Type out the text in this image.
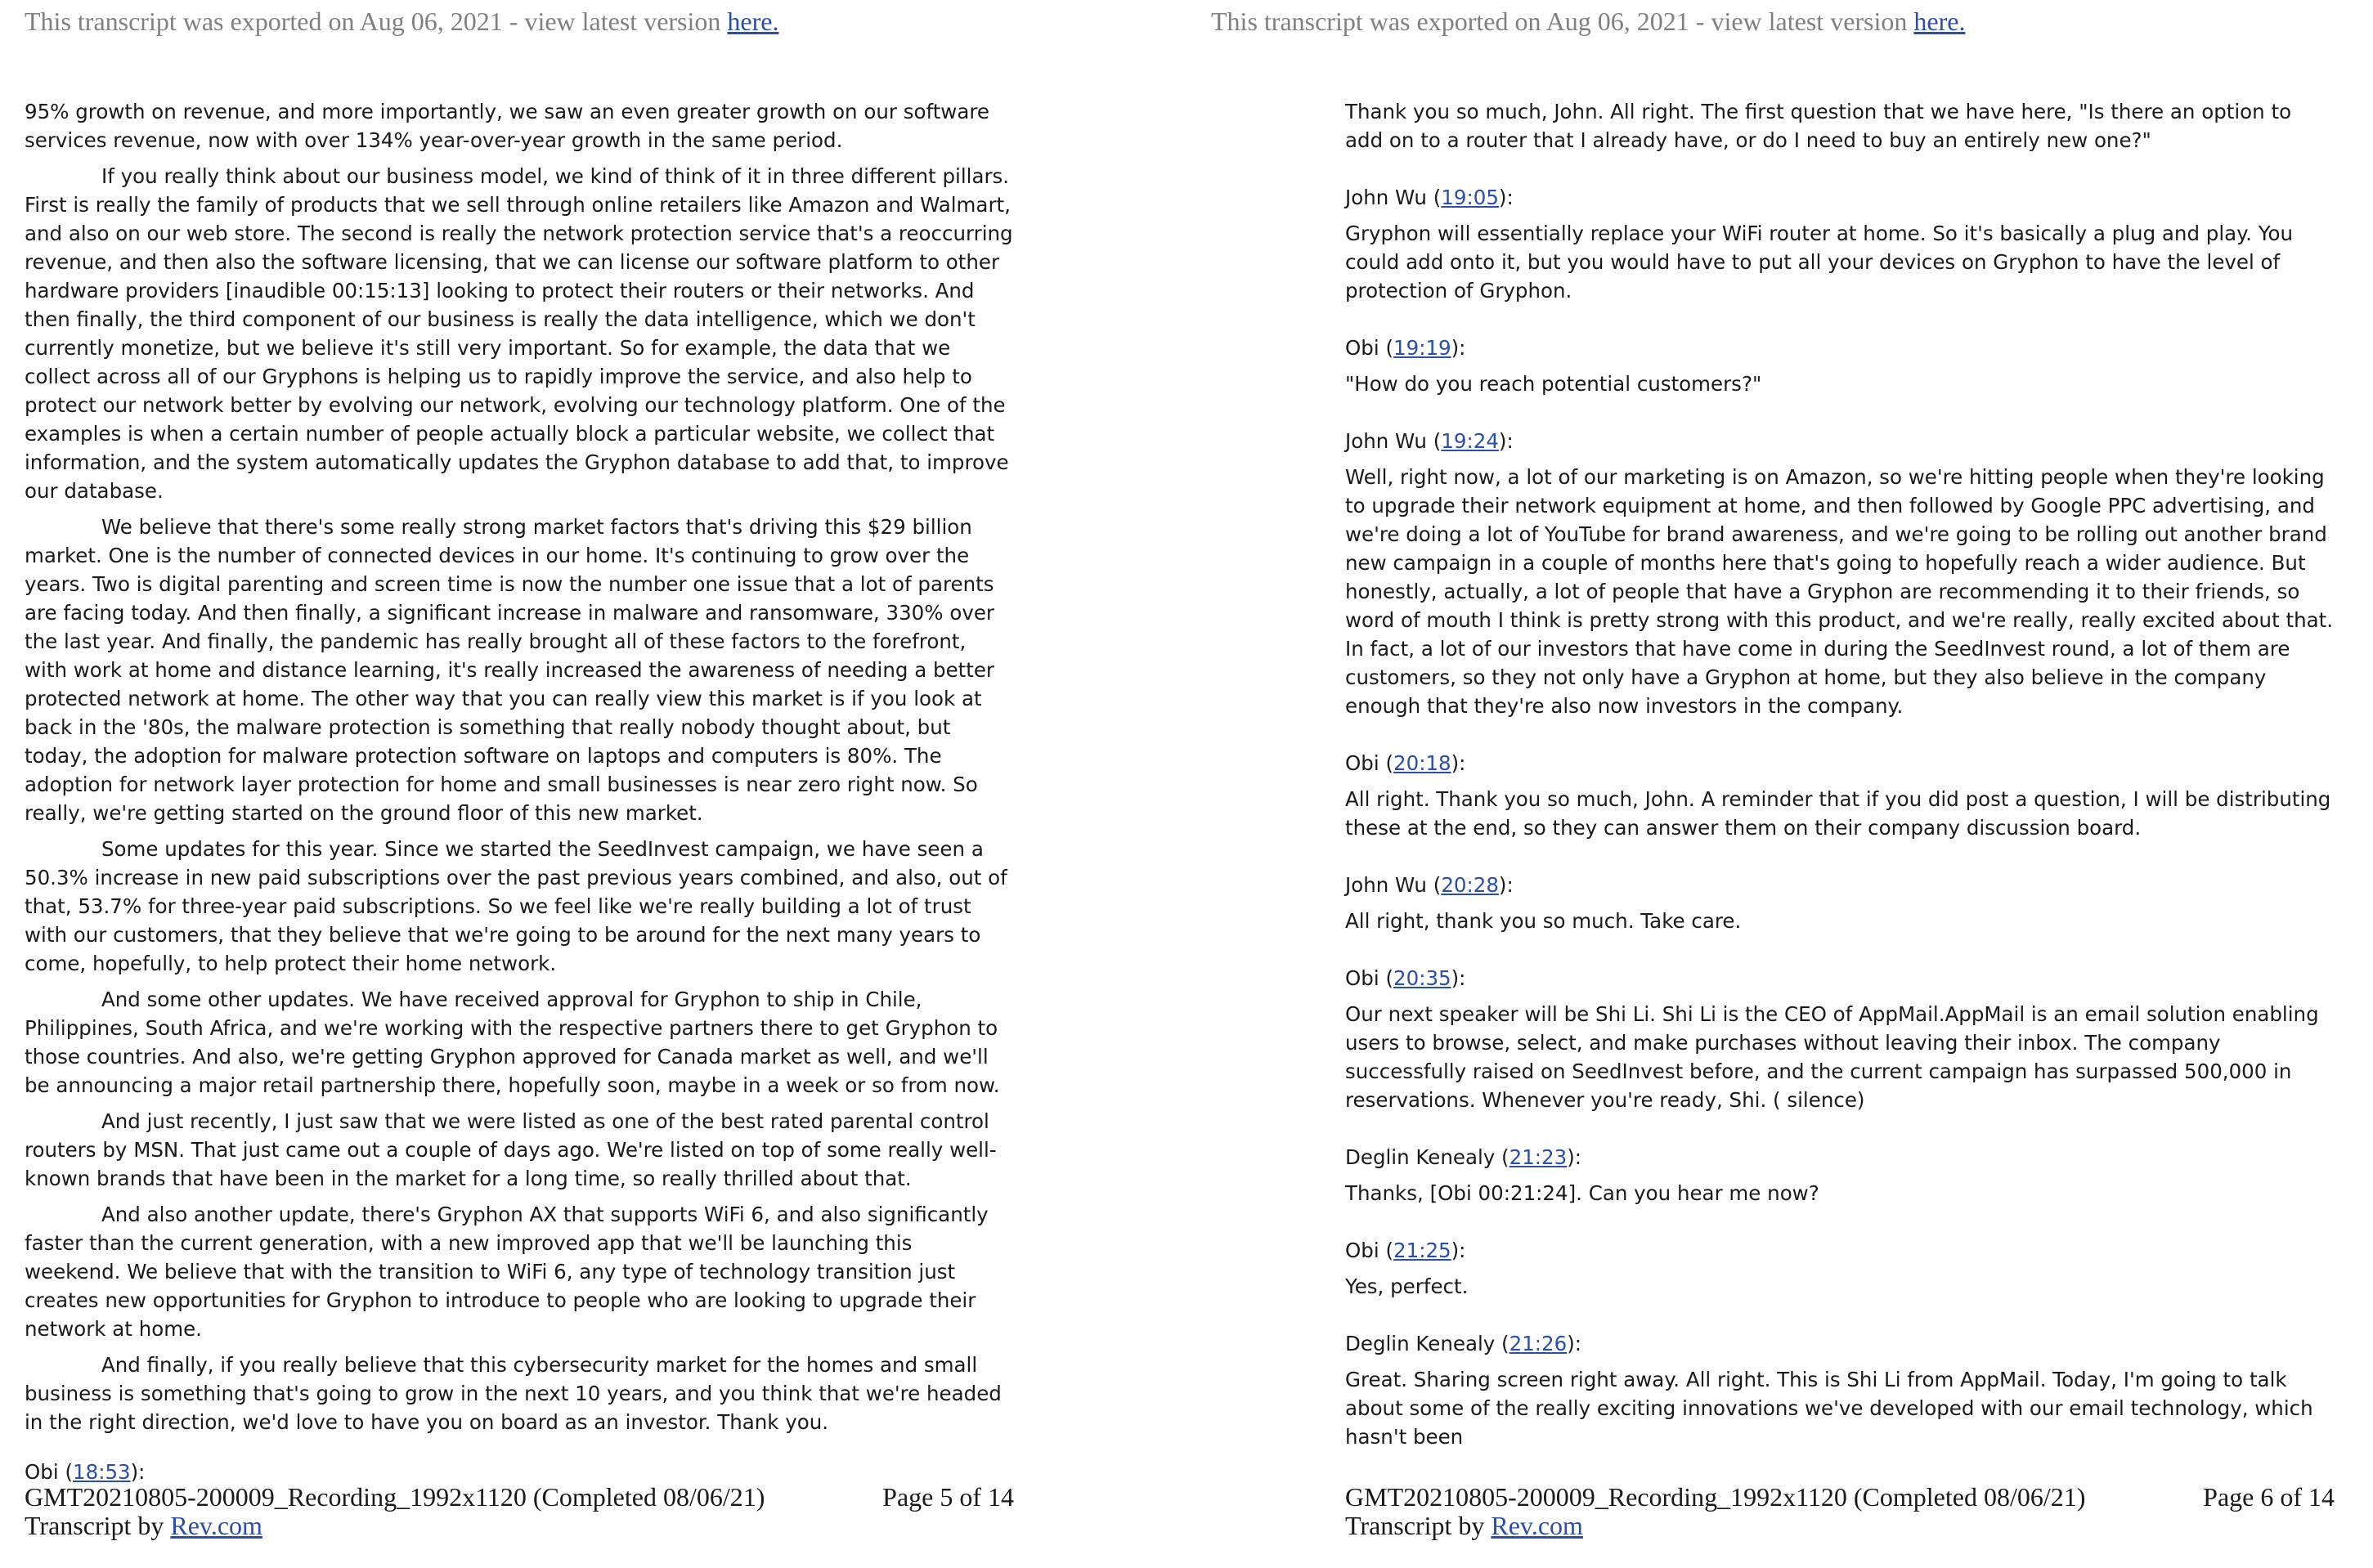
This transcript was exported on Aug 06, 2021 - view latest version here.

95% growth on revenue, and more importantly, we saw an even greater growth on our software services revenue, now with over 134% year-over-year growth in the same period.

If you really think about our business model, we kind of think of it in three different pillars. First is really the family of products that we sell through online retailers like Amazon and Walmart, and also on our web store. The second is really the network protection service that's a reoccurring revenue, and then also the software licensing, that we can license our software platform to other hardware providers [inaudible 00:15:13] looking to protect their routers or their networks. And then finally, the third component of our business is really the data intelligence, which we don't currently monetize, but we believe it's still very important. So for example, the data that we collect across all of our Gryphons is helping us to rapidly improve the service, and also help to protect our network better by evolving our network, evolving our technology platform. One of the examples is when a certain number of people actually block a particular website, we collect that information, and the system automatically updates the Gryphon database to add that, to improve our database.

We believe that there's some really strong market factors that's driving this $29 billion market. One is the number of connected devices in our home. It's continuing to grow over the years. Two is digital parenting and screen time is now the number one issue that a lot of parents are facing today. And then finally, a significant increase in malware and ransomware, 330% over the last year. And finally, the pandemic has really brought all of these factors to the forefront, with work at home and distance learning, it's really increased the awareness of needing a better protected network at home. The other way that you can really view this market is if you look at back in the '80s, the malware protection is something that really nobody thought about, but today, the adoption for malware protection software on laptops and computers is 80%. The adoption for network layer protection for home and small businesses is near zero right now. So really, we're getting started on the ground floor of this new market.

Some updates for this year. Since we started the SeedInvest campaign, we have seen a 50.3% increase in new paid subscriptions over the past previous years combined, and also, out of that, 53.7% for three-year paid subscriptions. So we feel like we're really building a lot of trust with our customers, that they believe that we're going to be around for the next many years to come, hopefully, to help protect their home network.

And some other updates. We have received approval for Gryphon to ship in Chile, Philippines, South Africa, and we're working with the respective partners there to get Gryphon to those countries. And also, we're getting Gryphon approved for Canada market as well, and we'll be announcing a major retail partnership there, hopefully soon, maybe in a week or so from now.

And just recently, I just saw that we were listed as one of the best rated parental control routers by MSN. That just came out a couple of days ago. We're listed on top of some really well-known brands that have been in the market for a long time, so really thrilled about that.

And also another update, there's Gryphon AX that supports WiFi 6, and also significantly faster than the current generation, with a new improved app that we'll be launching this weekend. We believe that with the transition to WiFi 6, any type of technology transition just creates new opportunities for Gryphon to introduce to people who are looking to upgrade their network at home.

And finally, if you really believe that this cybersecurity market for the homes and small business is something that's going to grow in the next 10 years, and you think that we're headed in the right direction, we'd love to have you on board as an investor. Thank you.

Obi (18:53):

GMT20210805-200009_Recording_1992x1120 (Completed 08/06/21)	Page 5 of 14
Transcript by Rev.com
This transcript was exported on Aug 06, 2021 - view latest version here.

Thank you so much, John. All right. The first question that we have here, "Is there an option to add on to a router that I already have, or do I need to buy an entirely new one?"

John Wu (19:05):

Gryphon will essentially replace your WiFi router at home. So it's basically a plug and play. You could add onto it, but you would have to put all your devices on Gryphon to have the level of protection of Gryphon.

Obi (19:19):

"How do you reach potential customers?"

John Wu (19:24):

Well, right now, a lot of our marketing is on Amazon, so we're hitting people when they're looking to upgrade their network equipment at home, and then followed by Google PPC advertising, and we're doing a lot of YouTube for brand awareness, and we're going to be rolling out another brand new campaign in a couple of months here that's going to hopefully reach a wider audience. But honestly, actually, a lot of people that have a Gryphon are recommending it to their friends, so word of mouth I think is pretty strong with this product, and we're really, really excited about that. In fact, a lot of our investors that have come in during the SeedInvest round, a lot of them are customers, so they not only have a Gryphon at home, but they also believe in the company enough that they're also now investors in the company.

Obi (20:18):

All right. Thank you so much, John. A reminder that if you did post a question, I will be distributing these at the end, so they can answer them on their company discussion board.

John Wu (20:28):

All right, thank you so much. Take care.

Obi (20:35):

Our next speaker will be Shi Li. Shi Li is the CEO of AppMail.AppMail is an email solution enabling users to browse, select, and make purchases without leaving their inbox. The company successfully raised on SeedInvest before, and the current campaign has surpassed 500,000 in reservations. Whenever you're ready, Shi. ( silence)

Deglin Kenealy (21:23):

Thanks, [Obi 00:21:24]. Can you hear me now?

Obi (21:25):

Yes, perfect.

Deglin Kenealy (21:26):

Great. Sharing screen right away. All right. This is Shi Li from AppMail. Today, I'm going to talk about some of the really exciting innovations we've developed with our email technology, which hasn't been

GMT20210805-200009_Recording_1992x1120 (Completed 08/06/21)	Page 6 of 14
Transcript by Rev.com
